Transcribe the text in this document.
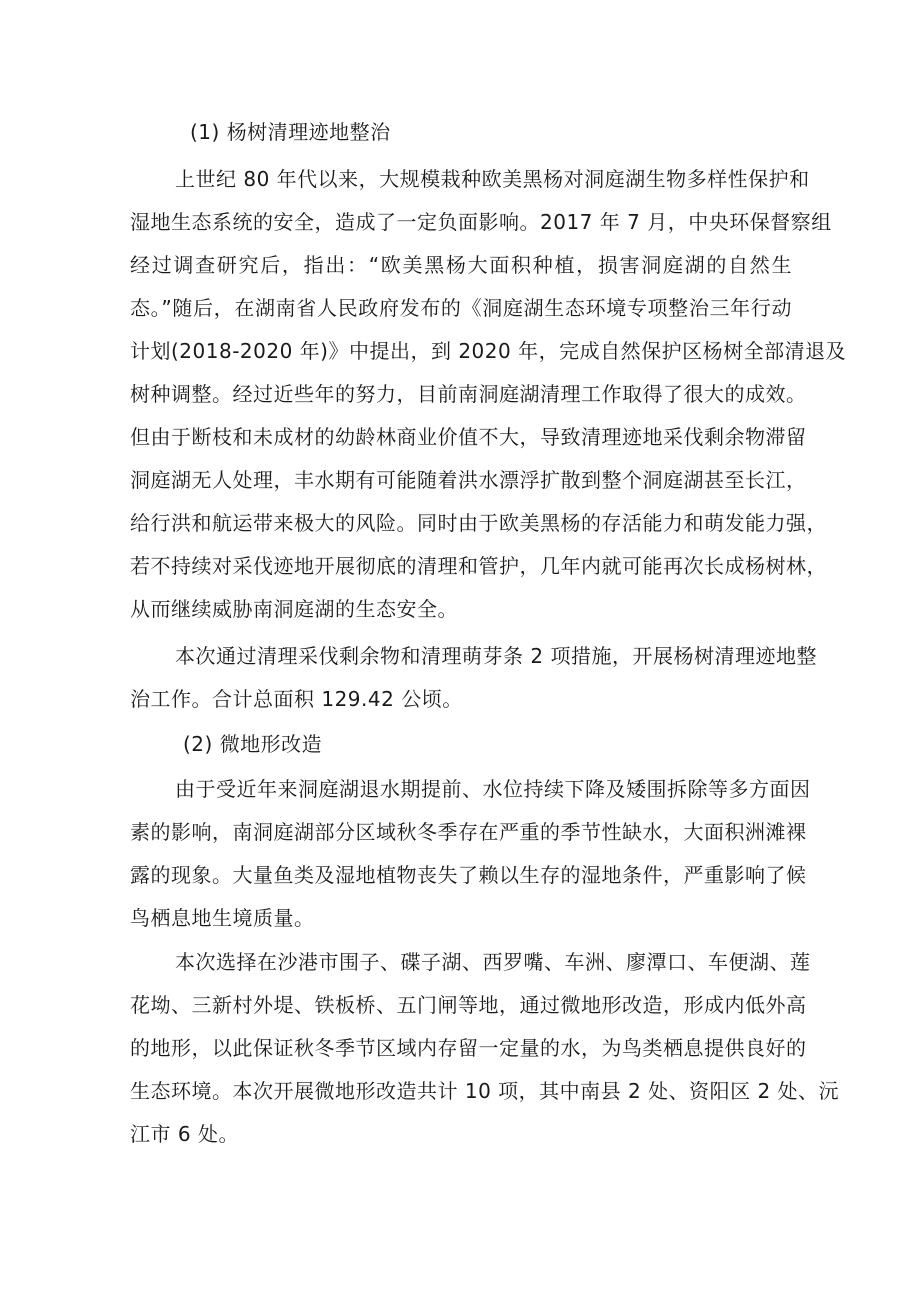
(1) 杨树清理迹地整治
上世纪 80 年代以来，大规模栽种欧美黑杨对洞庭湖生物多样性保护和
湿地生态系统的安全，造成了一定负面影响。2017 年 7 月，中央环保督察组
经过调查研究后，指出：“欧美黑杨大面积种植，损害洞庭湖的自然生
态。”随后，在湖南省人民政府发布的《洞庭湖生态环境专项整治三年行动
计划(2018-2020 年)》中提出，到 2020 年，完成自然保护区杨树全部清退及
树种调整。经过近些年的努力，目前南洞庭湖清理工作取得了很大的成效。
但由于断枝和未成材的幼龄林商业价值不大，导致清理迹地采伐剩余物滞留
洞庭湖无人处理，丰水期有可能随着洪水漂浮扩散到整个洞庭湖甚至长江，
给行洪和航运带来极大的风险。同时由于欧美黑杨的存活能力和萌发能力强，
若不持续对采伐迹地开展彻底的清理和管护，几年内就可能再次长成杨树林，
从而继续威胁南洞庭湖的生态安全。
本次通过清理采伐剩余物和清理萌芽条 2 项措施，开展杨树清理迹地整
治工作。合计总面积 129.42 公顷。
(2) 微地形改造
由于受近年来洞庭湖退水期提前、水位持续下降及矮围拆除等多方面因
素的影响，南洞庭湖部分区域秋冬季存在严重的季节性缺水，大面积洲滩裸
露的现象。大量鱼类及湿地植物丧失了赖以生存的湿地条件，严重影响了候
鸟栖息地生境质量。
本次选择在沙港市围子、碟子湖、西罗嘴、车洲、廖潭口、车便湖、莲
花坳、三新村外堤、铁板桥、五门闸等地，通过微地形改造，形成内低外高
的地形，以此保证秋冬季节区域内存留一定量的水，为鸟类栖息提供良好的
生态环境。本次开展微地形改造共计 10 项，其中南县 2 处、资阳区 2 处、沅
江市 6 处。
